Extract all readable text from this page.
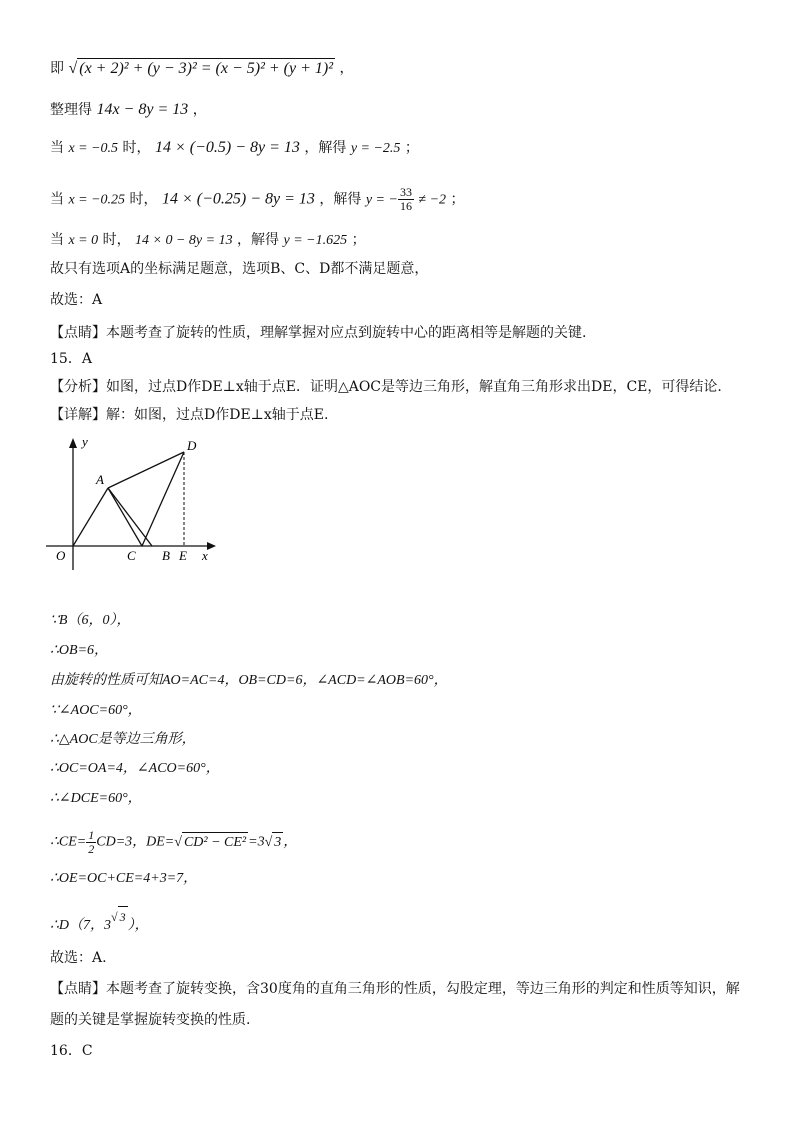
即 √ (x + 2)² + (y − 3)² = (x − 5)² + (y + 1)² ，
整理得 14x − 8y = 13 ，
当 x = −0.5 时， 14 × (−0.5) − 8y = 13 ，解得 y = −2.5 ；
当 x = −0.25 时， 14 × (−0.25) − 8y = 13 ，解得 y = − $\frac{33}{16} \ne -2$ ；
当 x = 0 时， 14 × 0 − 8y = 13 ，解得 y = −1.625 ；
故只有选项A的坐标满足题意，选项B、C、D都不满足题意，
故选：A
【点睛】本题考查了旋转的性质，理解掌握对应点到旋转中心的距离相等是解题的关键.
15．A
【分析】如图，过点D作DE⊥x轴于点E．证明△AOC是等边三角形，解直角三角形求出DE，CE，可得结论.
【详解】解：如图，过点D作DE⊥x轴于点E.
y
x
O
A
C B E
D
∵B（6，0），
∴OB=6，
由旋转的性质可知AO=AC=4，OB=CD=6，∠ACD=∠AOB=60°，
∵∠AOC=60°，
∴△AOC是等边三角形，
∴OC=OA=4，∠ACO=60°，
∴∠DCE=60°，
∴CE= $\frac{1}{2} CD=3$，DE=√ CD² − CE² =3√ 3 ，
∴OE=OC+CE=4+3=7，
∴D（7，$3^{√ 3}$），
故选：A.
【点睛】本题考查了旋转变换，含30度角的直角三角形的性质，勾股定理，等边三角形的判定和性质等知识，解
题的关键是掌握旋转变换的性质.
16．C
